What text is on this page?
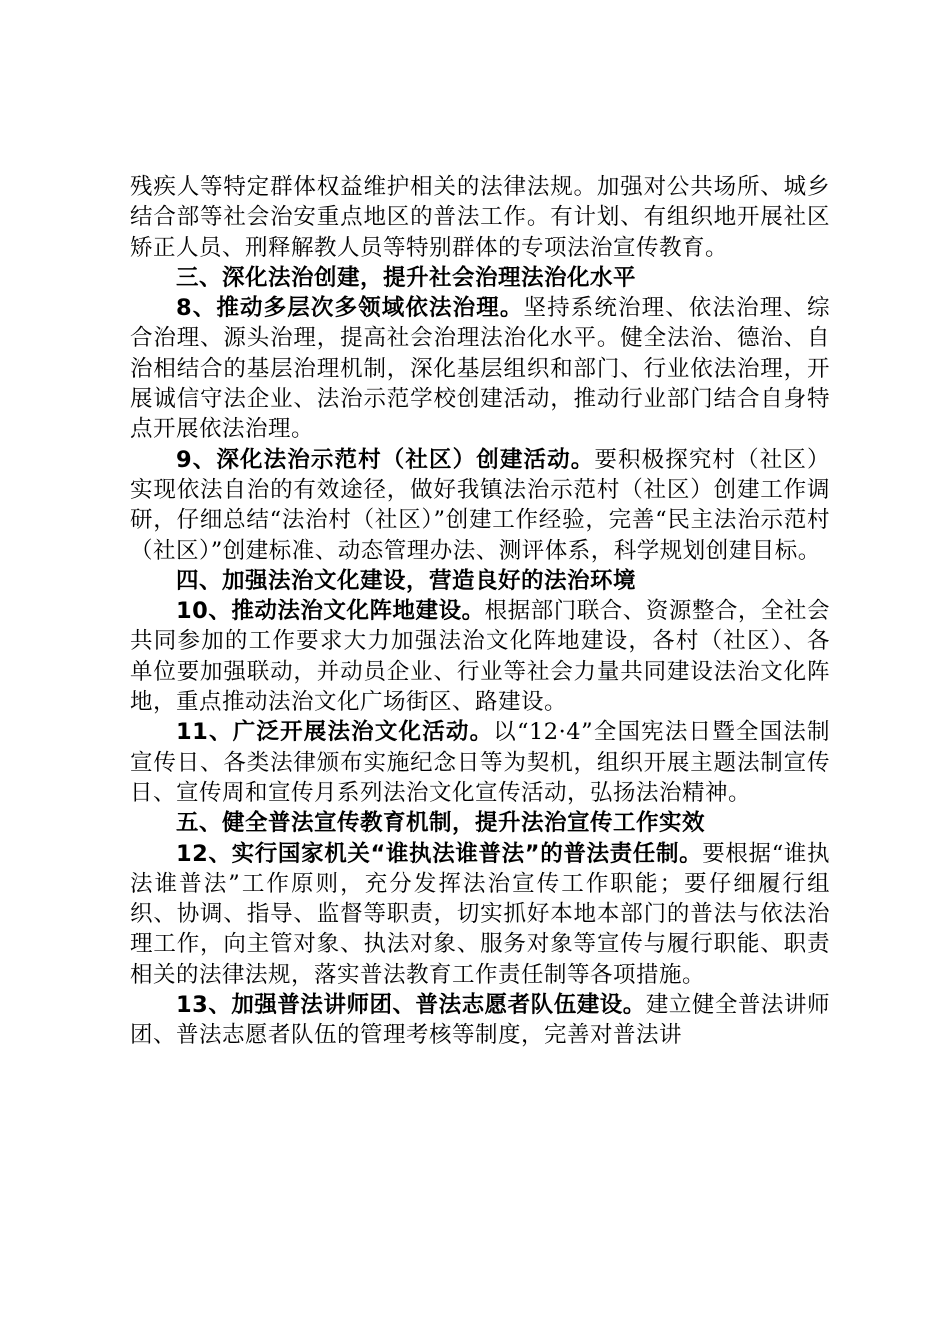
残疾人等特定群体权益维护相关的法律法规。加强对公共场所、城乡结合部等社会治安重点地区的普法工作。有计划、有组织地开展社区矫正人员、刑释解教人员等特别群体的专项法治宣传教育。

三、深化法治创建，提升社会治理法治化水平

8、推动多层次多领域依法治理。坚持系统治理、依法治理、综合治理、源头治理，提高社会治理法治化水平。健全法治、德治、自治相结合的基层治理机制，深化基层组织和部门、行业依法治理，开展诚信守法企业、法治示范学校创建活动，推动行业部门结合自身特点开展依法治理。

9、深化法治示范村（社区）创建活动。要积极探究村（社区）实现依法自治的有效途径，做好我镇法治示范村（社区）创建工作调研，仔细总结“法治村（社区）”创建工作经验，完善“民主法治示范村（社区）”创建标准、动态管理办法、测评体系，科学规划创建目标。

四、加强法治文化建设，营造良好的法治环境

10、推动法治文化阵地建设。根据部门联合、资源整合，全社会共同参加的工作要求大力加强法治文化阵地建设，各村（社区）、各单位要加强联动，并动员企业、行业等社会力量共同建设法治文化阵地，重点推动法治文化广场街区、路建设。

11、广泛开展法治文化活动。以“12·4”全国宪法日暨全国法制宣传日、各类法律颁布实施纪念日等为契机，组织开展主题法制宣传日、宣传周和宣传月系列法治文化宣传活动，弘扬法治精神。

五、健全普法宣传教育机制，提升法治宣传工作实效

12、实行国家机关“谁执法谁普法”的普法责任制。要根据“谁执法谁普法”工作原则，充分发挥法治宣传工作职能；要仔细履行组织、协调、指导、监督等职责，切实抓好本地本部门的普法与依法治理工作，向主管对象、执法对象、服务对象等宣传与履行职能、职责相关的法律法规，落实普法教育工作责任制等各项措施。

13、加强普法讲师团、普法志愿者队伍建设。建立健全普法讲师团、普法志愿者队伍的管理考核等制度，完善对普法讲
